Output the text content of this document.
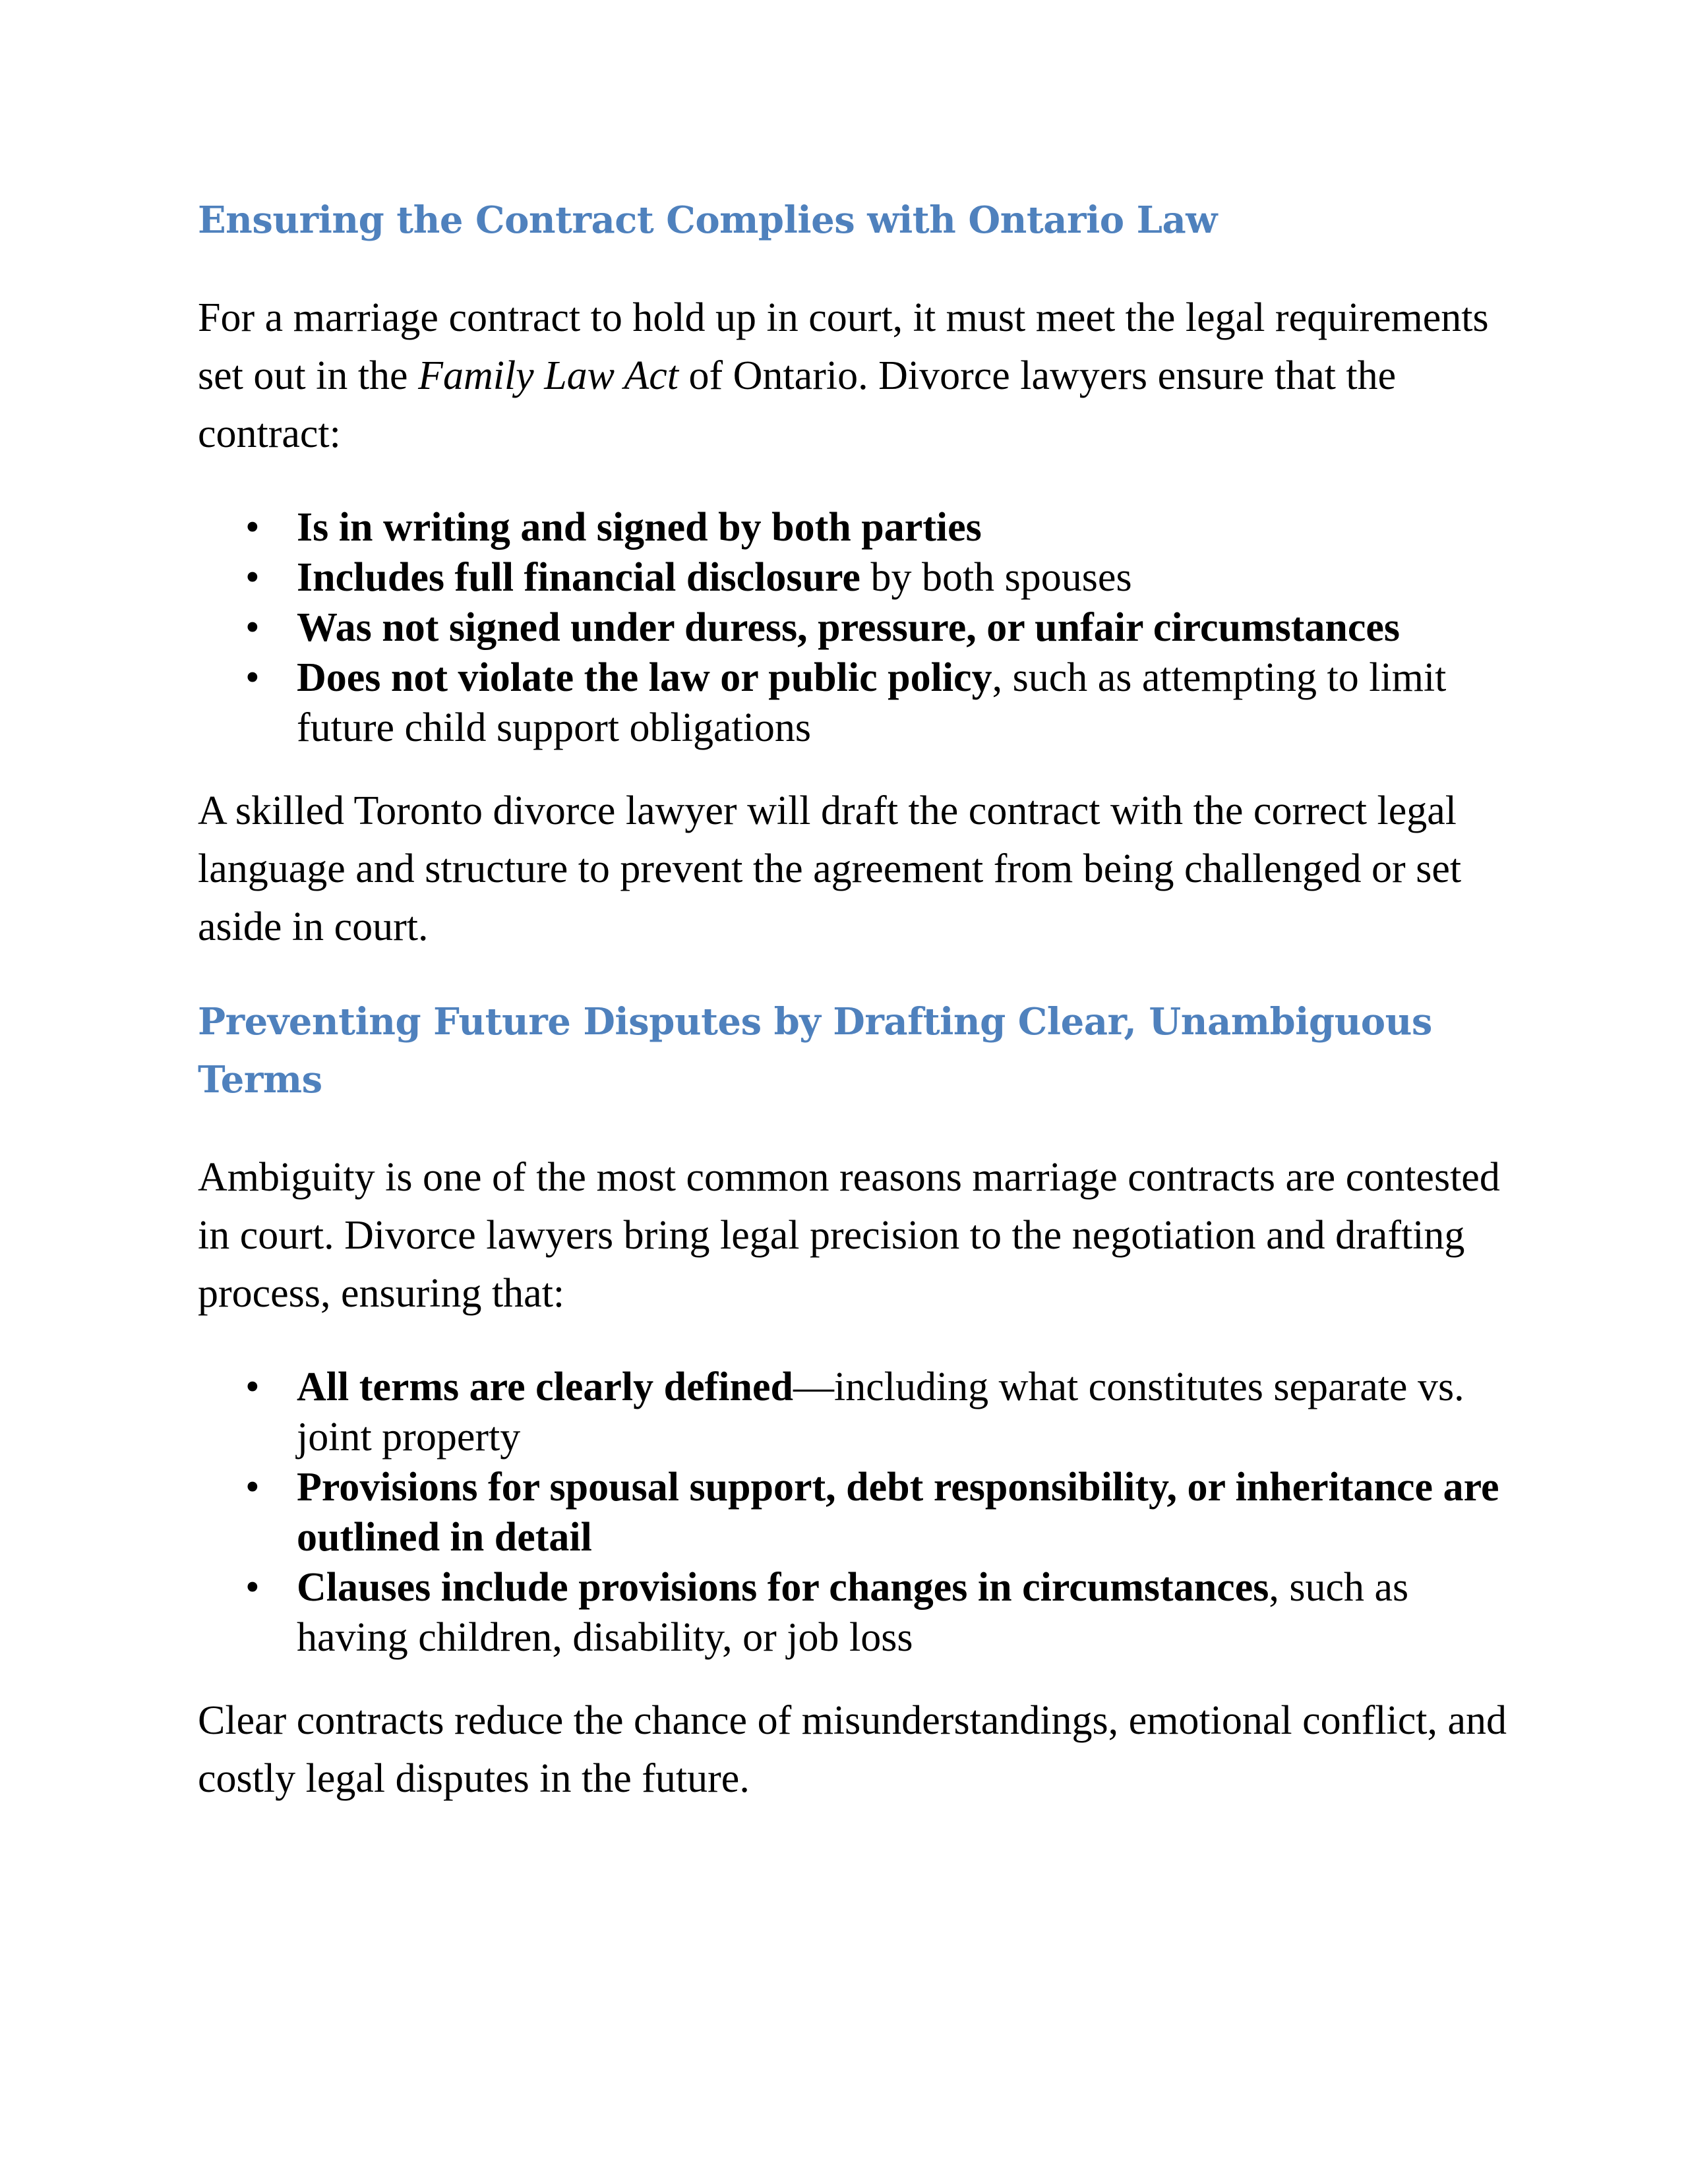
Ensuring the Contract Complies with Ontario Law

For a marriage contract to hold up in court, it must meet the legal requirements set out in the Family Law Act of Ontario. Divorce lawyers ensure that the contract:

• Is in writing and signed by both parties
• Includes full financial disclosure by both spouses
• Was not signed under duress, pressure, or unfair circumstances
• Does not violate the law or public policy, such as attempting to limit future child support obligations

A skilled Toronto divorce lawyer will draft the contract with the correct legal language and structure to prevent the agreement from being challenged or set aside in court.

Preventing Future Disputes by Drafting Clear, Unambiguous Terms

Ambiguity is one of the most common reasons marriage contracts are contested in court. Divorce lawyers bring legal precision to the negotiation and drafting process, ensuring that:

• All terms are clearly defined—including what constitutes separate vs. joint property
• Provisions for spousal support, debt responsibility, or inheritance are outlined in detail
• Clauses include provisions for changes in circumstances, such as having children, disability, or job loss

Clear contracts reduce the chance of misunderstandings, emotional conflict, and costly legal disputes in the future.
